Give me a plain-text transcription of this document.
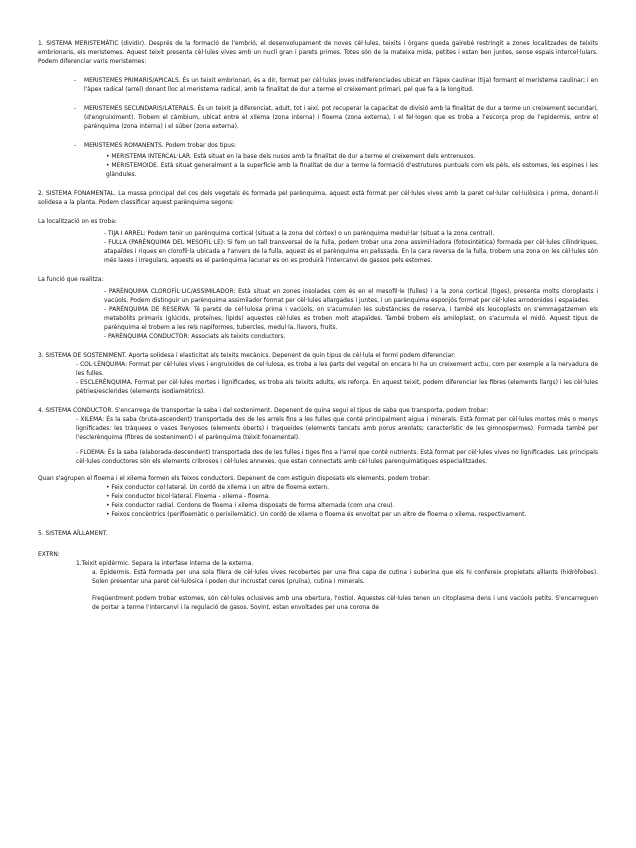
1. SISTEMA MERISTEMÀTIC (dividir). Després de la formació de l'embrió, el desenvolupament de noves cèl·lules, teixits i òrgans queda gairebé restringit a zones localitzades de teixits embrionaris, els meristemes. Aquest teixit presenta cèl·lules vives amb un nucli gran i parets primes. Totes són de la mateixa mida, petites i estan ben juntes, sense espais intercel·lulars. Podem diferenciar varis meristemes:

-	MERISTEMES PRIMARIS/APICALS. És un teixit embrionari, és a dir, format per cèl·lules joves indiferenciades ubicat en l'àpex caulinar (tija) formant el meristema caulinar; i en l'àpex radical (arrel) donant lloc al meristema radical, amb la finalitat de dur a terme el creixement primari, pel que fa a la longitud.
-	MERISTEMES SECUNDARIS/LATERALS. És un teixit ja diferenciat, adult, tot i així, pot recuperar la capacitat de divisió amb la finalitat de dur a terme un creixement secundari, (d'engruiximent). Trobem el càmbium, ubicat entre el xilema (zona interna) i floema (zona externa), i el fel·logen que es troba a l'escorça prop de l'epidermis, entre el parènquima (zona interna) i el súber (zona externa).
-	MERISTEMES ROMANENTS. Podem trobar dos tipus:
• MERISTEMA INTERCAL·LAR. Està situat en la base dels nusos amb la finalitat de dur a terme el creixement dels entrenusos.
• MERISTEMOIDE. Està situat generalment a la superfície amb la finalitat de dur a terme la formació d'estrutures puntuals com els pèls, els estomes, les espines i les glàndules.

2. SISTEMA FONAMENTAL. La massa principal del cos dels vegetals és formada pel parènquima, aquest està format per cèl·lules vives amb la paret cel·lular cel·lulòsica i prima, donant-li solidesa a la planta. Podem classificar aquest parènquima segons:

La localització on es troba:

- TIJA I ARREL: Podem tenir un parènquima cortical (situat a la zona del còrtex) o un parènquima medul·lar (situat a la zona central).
- FULLA (PARÈNQUIMA DEL MESOFIL·LE): Si fem un tall transversal de la fulla, podem trobar una zona assimil·ladora (fotosintètica) formada per cèl·lules cilíndriques, atapaïdes i riques en clorofil·la ubicada a l'anvers de la fulla, aquest és el parènquima en palissada. En la cara reversa de la fulla, trobem una zona on les cèl·lules són més laxes i irregulars, aquests es el parènquima lacunar es on es produirà l'intercanvi de gassos pels estomes.

La funció que realitza:

- PARÈNQUIMA CLOROFÍL·LIC/ASSIMILADOR: Està situat en zones insolades com és en el mesofil·le (fulles) i a la zona cortical (tiges), presenta molts cloroplasts i vacúols. Podem distinguir un parènquima assimilador format per cèl·lules allargades i juntes, i un parènquima esponjós format per cèl·lules arrodonides i espaiades.
- PARÈNQUIMA DE RESERVA: Té parets de cel·lulosa prima i vacúols, on s'acumulen les substàncies de reserva, i també els leucoplasts on s'emmagatzemen els metabòlits primaris (glúcids, proteïnes, lípids) aquestes cèl·lules es troben molt atapaïdes. També trobem els amiloplast, on s'acumula el midó. Aquest tipus de parènquima el trobem a les rels napiformes, tubercles, medul·la, llavors, fruits.
- PARÈNQUIMA CONDUCTOR: Associats als teixits conductors.

3. SISTEMA DE SOSTENIMENT. Aporta solidesa i elasticitat als teixits mecànics. Depenent de quin tipus de cèl·lula el formi podem diferenciar:

- COL·LÈNQUIMA: Format per cèl·lules vives i engruixides de cel·lulosa, es troba a les parts del vegetal on encara hi ha un creixement actiu, com per exemple a la nervadura de les fulles.
- ESCLERÈNQUIMA. Format per cèl·lules mortes i lignificades, es troba als teixits adults, els reforça. En aquest teixit, podem diferenciar les fibres (elements llargs) i les cèl·lules pètries/esclerides (elements isodiamètrics).

4. SISTEMA CONDUCTOR. S'encarrega de transportar la saba i del sosteniment. Depenent de quina segui el tipus de saba que transporta, podem trobar:

- XILEMA: És la saba (bruta-ascendent) transportada des de les arrels fins a les fulles que conté principalment aigua i minerals. Està format per cèl·lules mortes més o menys lignificades: les tràquees o vasos llenyosos (elements oberts) i traqueides (elements tancats amb porus areolats; característic de les gimnospermes). Formada també per l'esclerènquima (fibres de sosteniment) i el parènquima (teixit fonamental).
- FLOEMA: És la saba (elaborada-descendent) transportada des de les fulles i tiges fins a l'arrel que conté nutrients. Està format per cèl·lules vives no lignificades. Les principals cèl·lules conductores són els elements cribrosos i cèl·lules annexes, que estan connectats amb cèl·lules parenquimàtiques especialitzades.

Quan s'agrupen el floema i el xilema formen els feixos conductors. Depenent de com estiguin disposats els elements, podem trobar:

• Feix conductor col·lateral. Un cordó de xilema i un altre de floema extern.
• Feix conductor bicol·lateral. Floema - xilema - floema.
• Feix conductor radial. Cordons de floema i xilema disposats de forma alternada (com una creu).
• Feixos concèntrics (perifloemàtic o perixilemàtic). Un cordó de xilema o floema és envoltat per un altre de floema o xilema, respectivament.

5. SISTEMA AÏLLAMENT.

EXTRN:

1.Teixit epidèrmic. Separa la interfase interna de la externa.
a. Epidermis. Està formada per una sola filera de cèl·lules vives recobertes per una fina capa de cutina i suberina que els hi confereix propietats aïllants (hidròfobes). Solen presentar una paret cel·lulòsica i poden dur incrustat ceres (pruïna), cutina i minerals.
Freqüentment podem trobar estomes, són cèl·lules oclusives amb una obertura, l'ostiol. Aquestes cèl·lules tenen un citoplasma dens i uns vacúols petits. S'encarreguen de portar a terme l'intercanvi i la regulació de gasos. Sovint, estan envoltades per una corona de
